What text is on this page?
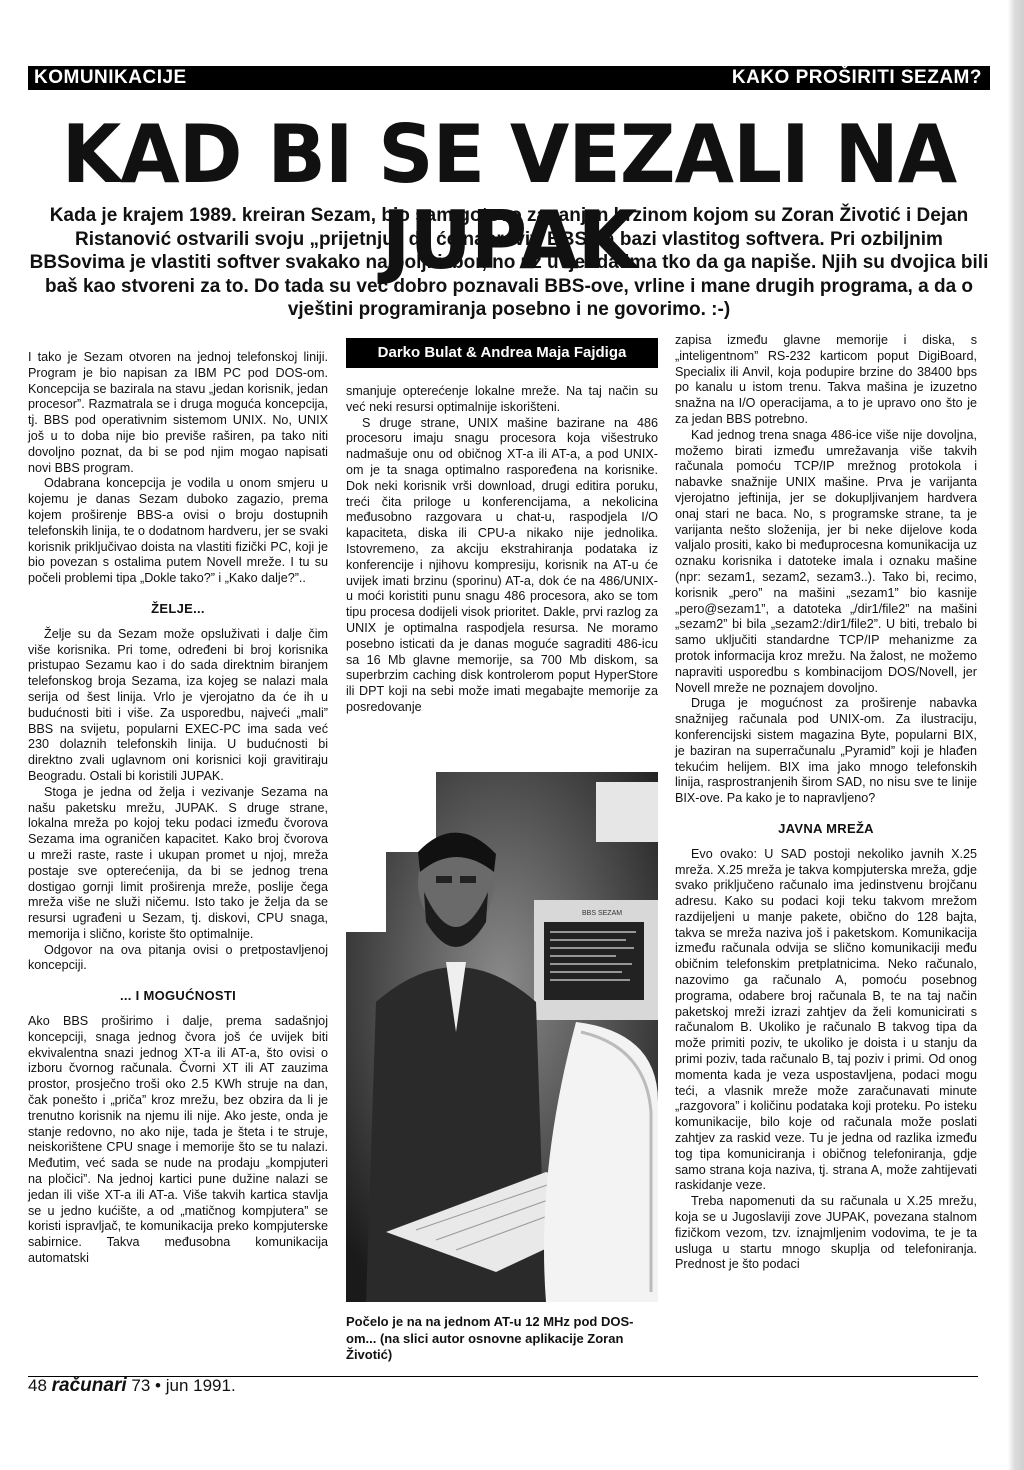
KOMUNIKACIJE	KAKO PROŠIRITI SEZAM?
KAD BI SE VEZALI NA JUPAK
Kada je krajem 1989. kreiran Sezam, bio sam gotovo zapanjen brzinom kojom su Zoran Životić i Dejan Ristanović ostvarili svoju „prijetnju” da će napraviti BBS na bazi vlastitog softvera. Pri ozbiljnim BBSovima je vlastiti softver svakako najbolji izbor, no uz uvjet da ima tko da ga napiše. Njih su dvojica bili baš kao stvoreni za to. Do tada su već dobro poznavali BBS-ove, vrline i mane drugih programa, a da o vještini programiranja posebno i ne govorimo. :-)

I tako je Sezam otvoren na jednoj telefonskoj liniji. Program je bio napisan za IBM PC pod DOS-om. Koncepcija se bazirala na stavu „jedan korisnik, jedan procesor”. Razmatrala se i druga moguća koncepcija, tj. BBS pod operativnim sistemom UNIX. No, UNIX još u to doba nije bio previše raširen, pa tako niti dovoljno poznat, da bi se pod njim mogao napisati novi BBS program.

Odabrana koncepcija je vodila u onom smjeru u kojemu je danas Sezam duboko zagazio, prema kojem proširenje BBS-a ovisi o broju dostupnih telefonskih linija, te o dodatnom hardveru, jer se svaki korisnik priključivao doista na vlastiti fizički PC, koji je bio povezan s ostalima putem Novell mreže. I tu su počeli problemi tipa „Dokle tako?” i „Kako dalje?”..

ŽELJE...

Želje su da Sezam može opsluživati i dalje čim više korisnika. Pri tome, određeni bi broj korisnika pristupao Sezamu kao i do sada direktnim biranjem telefonskog broja Sezama, iza kojeg se nalazi mala serija od šest linija. Vrlo je vjerojatno da će ih u budućnosti biti i više. Za usporedbu, najveći „mali” BBS na svijetu, popularni EXEC-PC ima sada već 230 dolaznih telefonskih linija. U budućnosti bi direktno zvali uglavnom oni korisnici koji gravitiraju Beogradu. Ostali bi koristili JUPAK.

Stoga je jedna od želja i vezivanje Sezama na našu paketsku mrežu, JUPAK. S druge strane, lokalna mreža po kojoj teku podaci između čvorova Sezama ima ograničen kapacitet. Kako broj čvorova u mreži raste, raste i ukupan promet u njoj, mreža postaje sve opterećenija, da bi se jednog trena dostigao gornji limit proširenja mreže, poslije čega mreža više ne služi ničemu. Isto tako je želja da se resursi ugrađeni u Sezam, tj. diskovi, CPU snaga, memorija i slično, koriste što optimalnije.

Odgovor na ova pitanja ovisi o pretpostavljenoj koncepciji.

... I MOGUĆNOSTI

Ako BBS proširimo i dalje, prema sadašnjoj koncepciji, snaga jednog čvora još će uvijek biti ekvivalentna snazi jednog XT-a ili AT-a, što ovisi o izboru čvornog računala. Čvorni XT ili AT zauzima prostor, prosječno troši oko 2.5 KWh struje na dan, čak ponešto i „priča” kroz mrežu, bez obzira da li je trenutno korisnik na njemu ili nije. Ako jeste, onda je stanje redovno, no ako nije, tada je šteta i te struje, neiskorištene CPU snage i memorije što se tu nalazi. Međutim, već sada se nude na prodaju „kompjuteri na pločici”. Na jednoj kartici pune dužine nalazi se jedan ili više XT-a ili AT-a. Više takvih kartica stavlja se u jedno kućište, a od „matičnog kompjutera” se koristi ispravljač, te komunikacija preko kompjuterske sabirnice. Takva međusobna komunikacija automatski

Darko Bulat & Andrea Maja Fajdiga

smanjuje opterećenje lokalne mreže. Na taj način su već neki resursi optimalnije iskorišteni.

S druge strane, UNIX mašine bazirane na 486 procesoru imaju snagu procesora koja višestruko nadmašuje onu od običnog XT-a ili AT-a, a pod UNIX-om je ta snaga optimalno raspoređena na korisnike. Dok neki korisnik vrši download, drugi editira poruku, treći čita priloge u konferencijama, a nekolicina međusobno razgovara u chat-u, raspodjela I/O kapaciteta, diska ili CPU-a nikako nije jednolika. Istovremeno, za akciju ekstrahiranja podataka iz konferencije i njihovu kompresiju, korisnik na AT-u će uvijek imati brzinu (sporinu) AT-a, dok će na 486/UNIX-u moći koristiti punu snagu 486 procesora, ako se tom tipu procesa dodijeli visok prioritet. Dakle, prvi razlog za UNIX je optimalna raspodjela resursa. Ne moramo posebno isticati da je danas moguće sagraditi 486-icu sa 16 Mb glavne memorije, sa 700 Mb diskom, sa superbrzim caching disk kontrolerom poput HyperStore ili DPT koji na sebi može imati megabajte memorije za posredovanje

BBS SEZAM
Počelo je na na jednom AT-u 12 MHz pod DOS-om... (na slici autor osnovne aplikacije Zoran Životić)

zapisa između glavne memorije i diska, s „inteligentnom” RS-232 karticom poput DigiBoard, Specialix ili Anvil, koja podupire brzine do 38400 bps po kanalu u istom trenu. Takva mašina je izuzetno snažna na I/O operacijama, a to je upravo ono što je za jedan BBS potrebno.

Kad jednog trena snaga 486-ice više nije dovoljna, možemo birati između umrežavanja više takvih računala pomoću TCP/IP mrežnog protokola i nabavke snažnije UNIX mašine. Prva je varijanta vjerojatno jeftinija, jer se dokupljivanjem hardvera onaj stari ne baca. No, s programske strane, ta je varijanta nešto složenija, jer bi neke dijelove koda valjalo prositi, kako bi međuprocesna komunikacija uz oznaku korisnika i datoteke imala i oznaku mašine (npr: sezam1, sezam2, sezam3..). Tako bi, recimo, korisnik „pero” na mašini „sezam1” bio kasnije „pero@sezam1”, a datoteka „/dir1/file2” na mašini „sezam2” bi bila „sezam2:/dir1/file2”. U biti, trebalo bi samo uključiti standardne TCP/IP mehanizme za protok informacija kroz mrežu. Na žalost, ne možemo napraviti usporedbu s kombinacijom DOS/Novell, jer Novell mreže ne poznajem dovoljno.

Druga je mogućnost za proširenje nabavka snažnijeg računala pod UNIX-om. Za ilustraciju, konferencijski sistem magazina Byte, popularni BIX, je baziran na superračunalu „Pyramid” koji je hlađen tekućim helijem. BIX ima jako mnogo telefonskih linija, rasprostranjenih širom SAD, no nisu sve te linije BIX-ove. Pa kako je to napravljeno?

JAVNA MREŽA

Evo ovako: U SAD postoji nekoliko javnih X.25 mreža. X.25 mreža je takva kompjuterska mreža, gdje svako priključeno računalo ima jedinstvenu brojčanu adresu. Kako su podaci koji teku takvom mrežom razdijeljeni u manje pakete, obično do 128 bajta, takva se mreža naziva još i paketskom. Komunikacija između računala odvija se slično komunikaciji među običnim telefonskim pretplatnicima. Neko računalo, nazovimo ga računalo A, pomoću posebnog programa, odabere broj računala B, te na taj način paketskoj mreži izrazi zahtjev da želi komunicirati s računalom B. Ukoliko je računalo B takvog tipa da može primiti poziv, te ukoliko je doista i u stanju da primi poziv, tada računalo B, taj poziv i primi. Od onog momenta kada je veza uspostavljena, podaci mogu teći, a vlasnik mreže može zaračunavati minute „razgovora” i količinu podataka koji proteku. Po isteku komunikacije, bilo koje od računala može poslati zahtjev za raskid veze. Tu je jedna od razlika između tog tipa komuniciranja i običnog telefoniranja, gdje samo strana koja naziva, tj. strana A, može zahtijevati raskidanje veze.

Treba napomenuti da su računala u X.25 mrežu, koja se u Jugoslaviji zove JUPAK, povezana stalnom fizičkom vezom, tzv. iznajmljenim vodovima, te je ta usluga u startu mnogo skuplja od telefoniranja. Prednost je što podaci

48 računari 73 • jun 1991.
